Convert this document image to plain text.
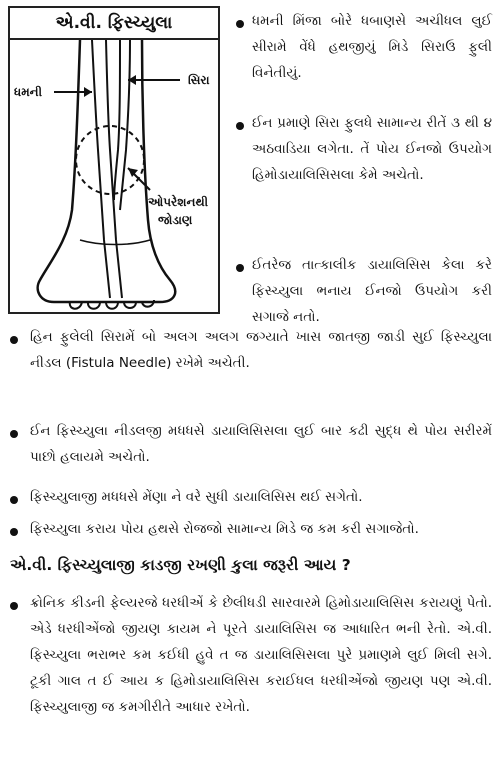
એ.વી. ફિસ્ચ્યુલા
ધમની
સિરા
ઓપરેશનથી
જોડાણ
ધમની મિંજા બોરે ધબાણસે અચીધલ લુઈ સીરામે વેંધે હથજીયું મિડે સિરાઉ ફુલી વિનેતીયું.
ઈન પ્રમાણે સિરા ફુલધે સામાન્ય રીતેં ૩ થી ૪ અઠવાડિયા લગેતા. તેં પોય ઈનજો ઉપયોગ હિમોડાયાલિસિસલા કેમે અચેતો.
ઈતરેજ તાત્કાલીક ડાયાલિસિસ કેલા કરે ફિસ્ચ્યુલા ભનાય ઈનજો ઉપયોગ કરી સગાજે નતો.
હિન ફુલેલી સિરામેં બો અલગ અલગ જગ્યાતે ખાસ જાતજી જાડી સુઈ ફિસ્ચ્યુલા નીડલ (Fistula Needle) રખેમે અચેતી.
ઈન ફિસ્ચ્યુલા નીડલજી મધધસે ડાયાલિસિસલા લુઈ બાર કઢી સુદ્ધ થે પોય સરીરમેં પાછો હલાયમે અચેતો.
ફિસ્ચ્યુલાજી મધધસે મેંણા ને વરે સુધી ડાયાલિસિસ થઈ સગેતો.
ફિસ્ચ્યુલા કરાય પોય હથસે રોજજો સામાન્ય મિડે જ કમ કરી સગાજેતો.
એ.વી. ફિસ્ચ્યુલાજી કાડજી રખણી કુલા જરૂરી આય ?
ક્રોનિક કીડની ફેલ્યરજે ધરધીએં કે છેલીધડી સારવારમે હિમોડાયાલિસિસ કરાયણું પેતો. એડે ધરધીએંજો જીયણ કાયમ ને પૂરતે ડાયાલિસિસ જ આધારિત ભની રેતો. એ.વી. ફિસ્ચ્યુલા ભરાભર કમ કઈધી હુવે ત જ ડાયાલિસિસલા પુરે પ્રમાણમે લુઈ મિલી સગે. ટૂકી ગાલ ત ઈ આય ક હિમોડાયાલિસિસ કરાઈધલ ધરધીએંજો જીયણ પણ એ.વી. ફિસ્ચ્યુલાજી જ કમગીરીતે આધાર રખેતો.
